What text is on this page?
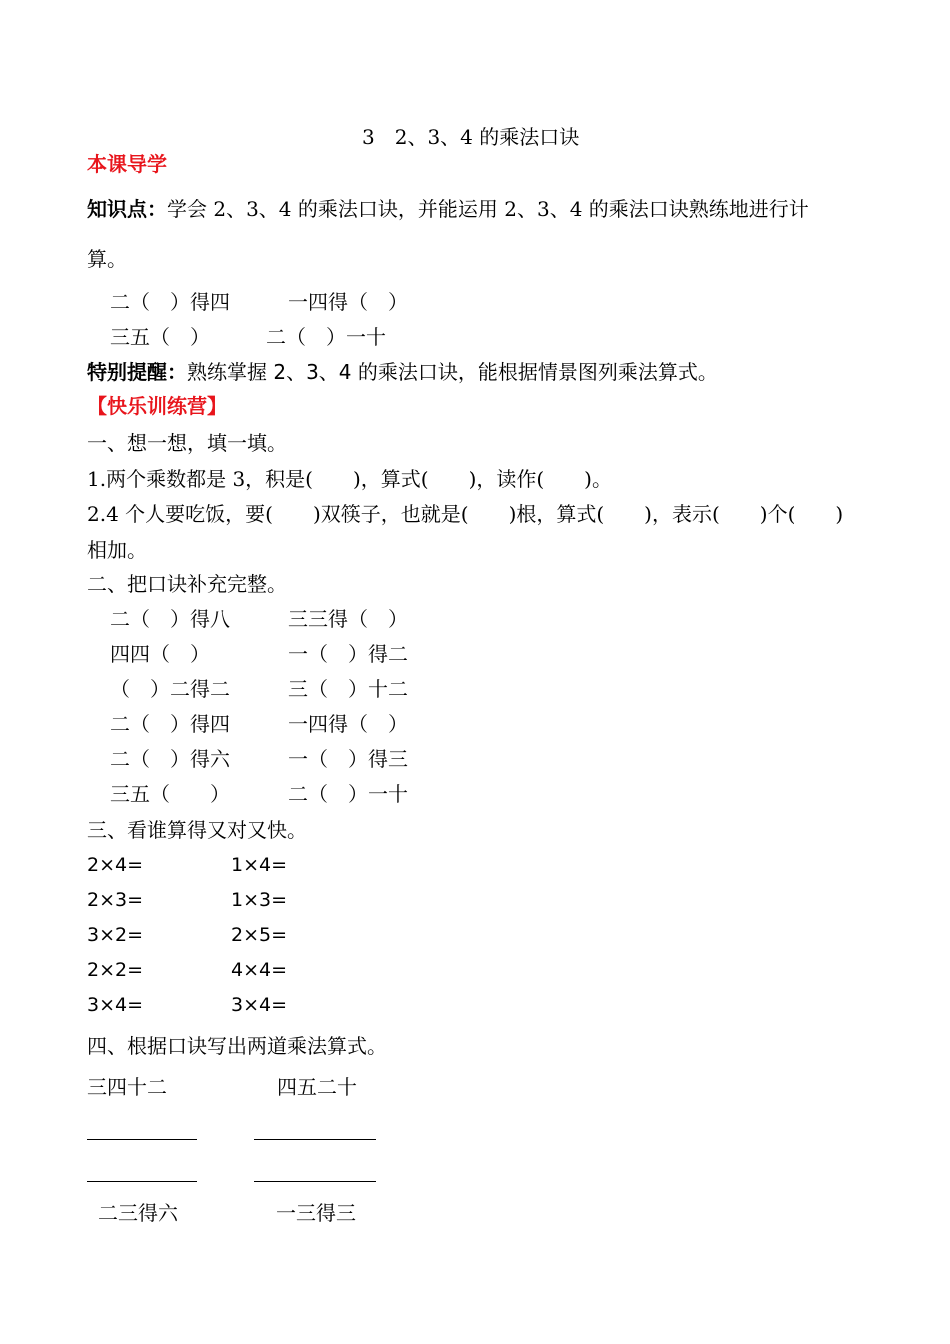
3　2、3、4 的乘法口诀
本课导学
知识点：学会 2、3、4 的乘法口诀，并能运用 2、3、4 的乘法口诀熟练地进行计
算。
二（　）得四	一四得（　）
三五（　）	二（　）一十
特别提醒：熟练掌握 2、3、4 的乘法口诀，能根据情景图列乘法算式。
【快乐训练营】
一、想一想，填一填。
1.两个乘数都是 3，积是(　　)，算式(　　)，读作(　　)。
2.4 个人要吃饭，要(　　)双筷子，也就是(　　)根，算式(　　)，表示(　　)个(　　)
相加。
二、把口诀补充完整。
二（　）得八	三三得（　）
四四（　）	一（　）得二
（　）二得二	三（　）十二
二（　）得四	一四得（　）
二（　）得六	一（　）得三
三五（　　）	二（　）一十
三、看谁算得又对又快。
2×4=	1×4=
2×3=	1×3=
3×2=	2×5=
2×2=	4×4=
3×4=	3×4=
四、根据口诀写出两道乘法算式。
三四十二	四五二十
二三得六	一三得三
